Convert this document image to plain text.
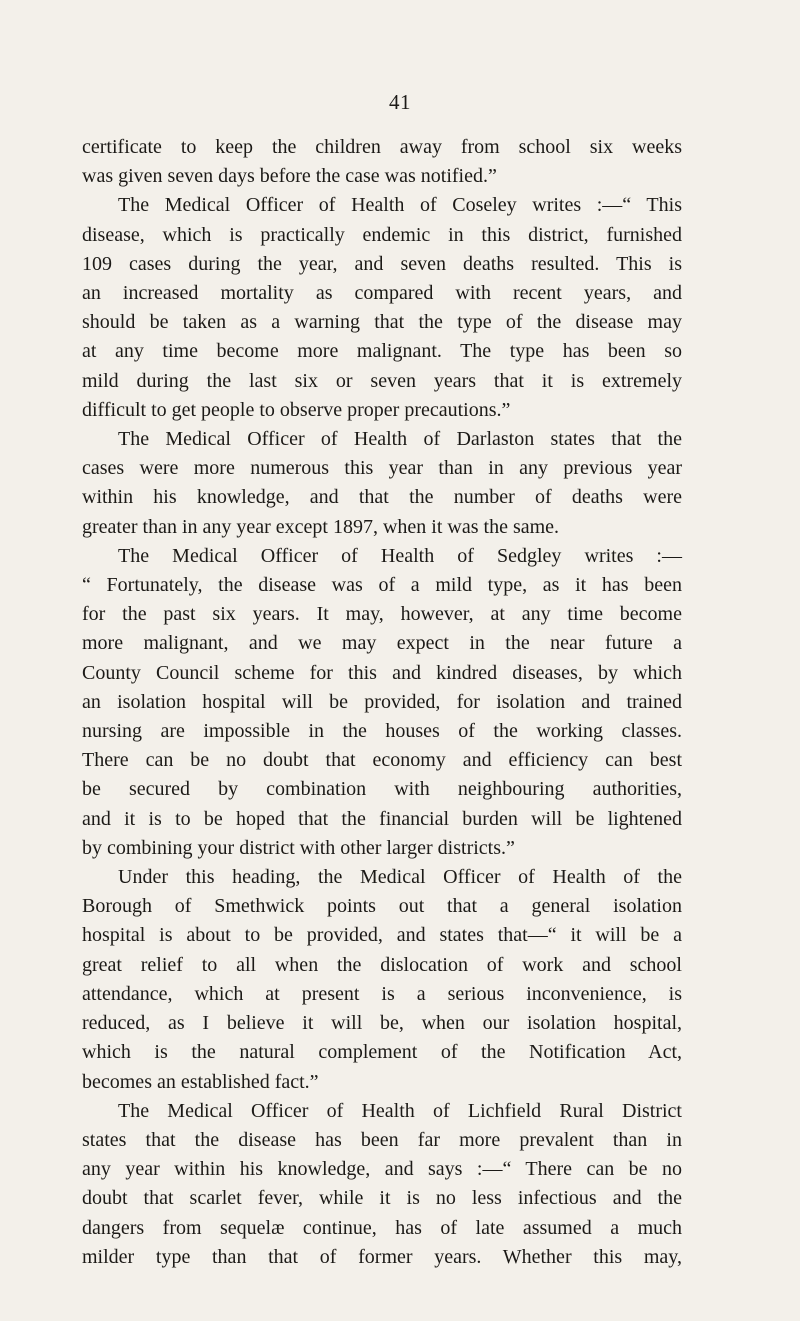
41

certificate to keep the children away from school six weeks
was given seven days before the case was notified.”

The Medical Officer of Health of Coseley writes :—“ This
disease, which is practically endemic in this district, furnished
109 cases during the year, and seven deaths resulted. This is
an increased mortality as compared with recent years, and
should be taken as a warning that the type of the disease may
at any time become more malignant. The type has been so
mild during the last six or seven years that it is extremely
difficult to get people to observe proper precautions.”

The Medical Officer of Health of Darlaston states that the
cases were more numerous this year than in any previous year
within his knowledge, and that the number of deaths were
greater than in any year except 1897, when it was the same.

The Medical Officer of Health of Sedgley writes :—
“ Fortunately, the disease was of a mild type, as it has been
for the past six years. It may, however, at any time become
more malignant, and we may expect in the near future a
County Council scheme for this and kindred diseases, by which
an isolation hospital will be provided, for isolation and trained
nursing are impossible in the houses of the working classes.
There can be no doubt that economy and efficiency can best
be secured by combination with neighbouring authorities,
and it is to be hoped that the financial burden will be lightened
by combining your district with other larger districts.”

Under this heading, the Medical Officer of Health of the
Borough of Smethwick points out that a general isolation
hospital is about to be provided, and states that—“ it will be a
great relief to all when the dislocation of work and school
attendance, which at present is a serious inconvenience, is
reduced, as I believe it will be, when our isolation hospital,
which is the natural complement of the Notification Act,
becomes an established fact.”

The Medical Officer of Health of Lichfield Rural District
states that the disease has been far more prevalent than in
any year within his knowledge, and says :—“ There can be no
doubt that scarlet fever, while it is no less infectious and the
dangers from sequelæ continue, has of late assumed a much
milder type than that of former years. Whether this may,
